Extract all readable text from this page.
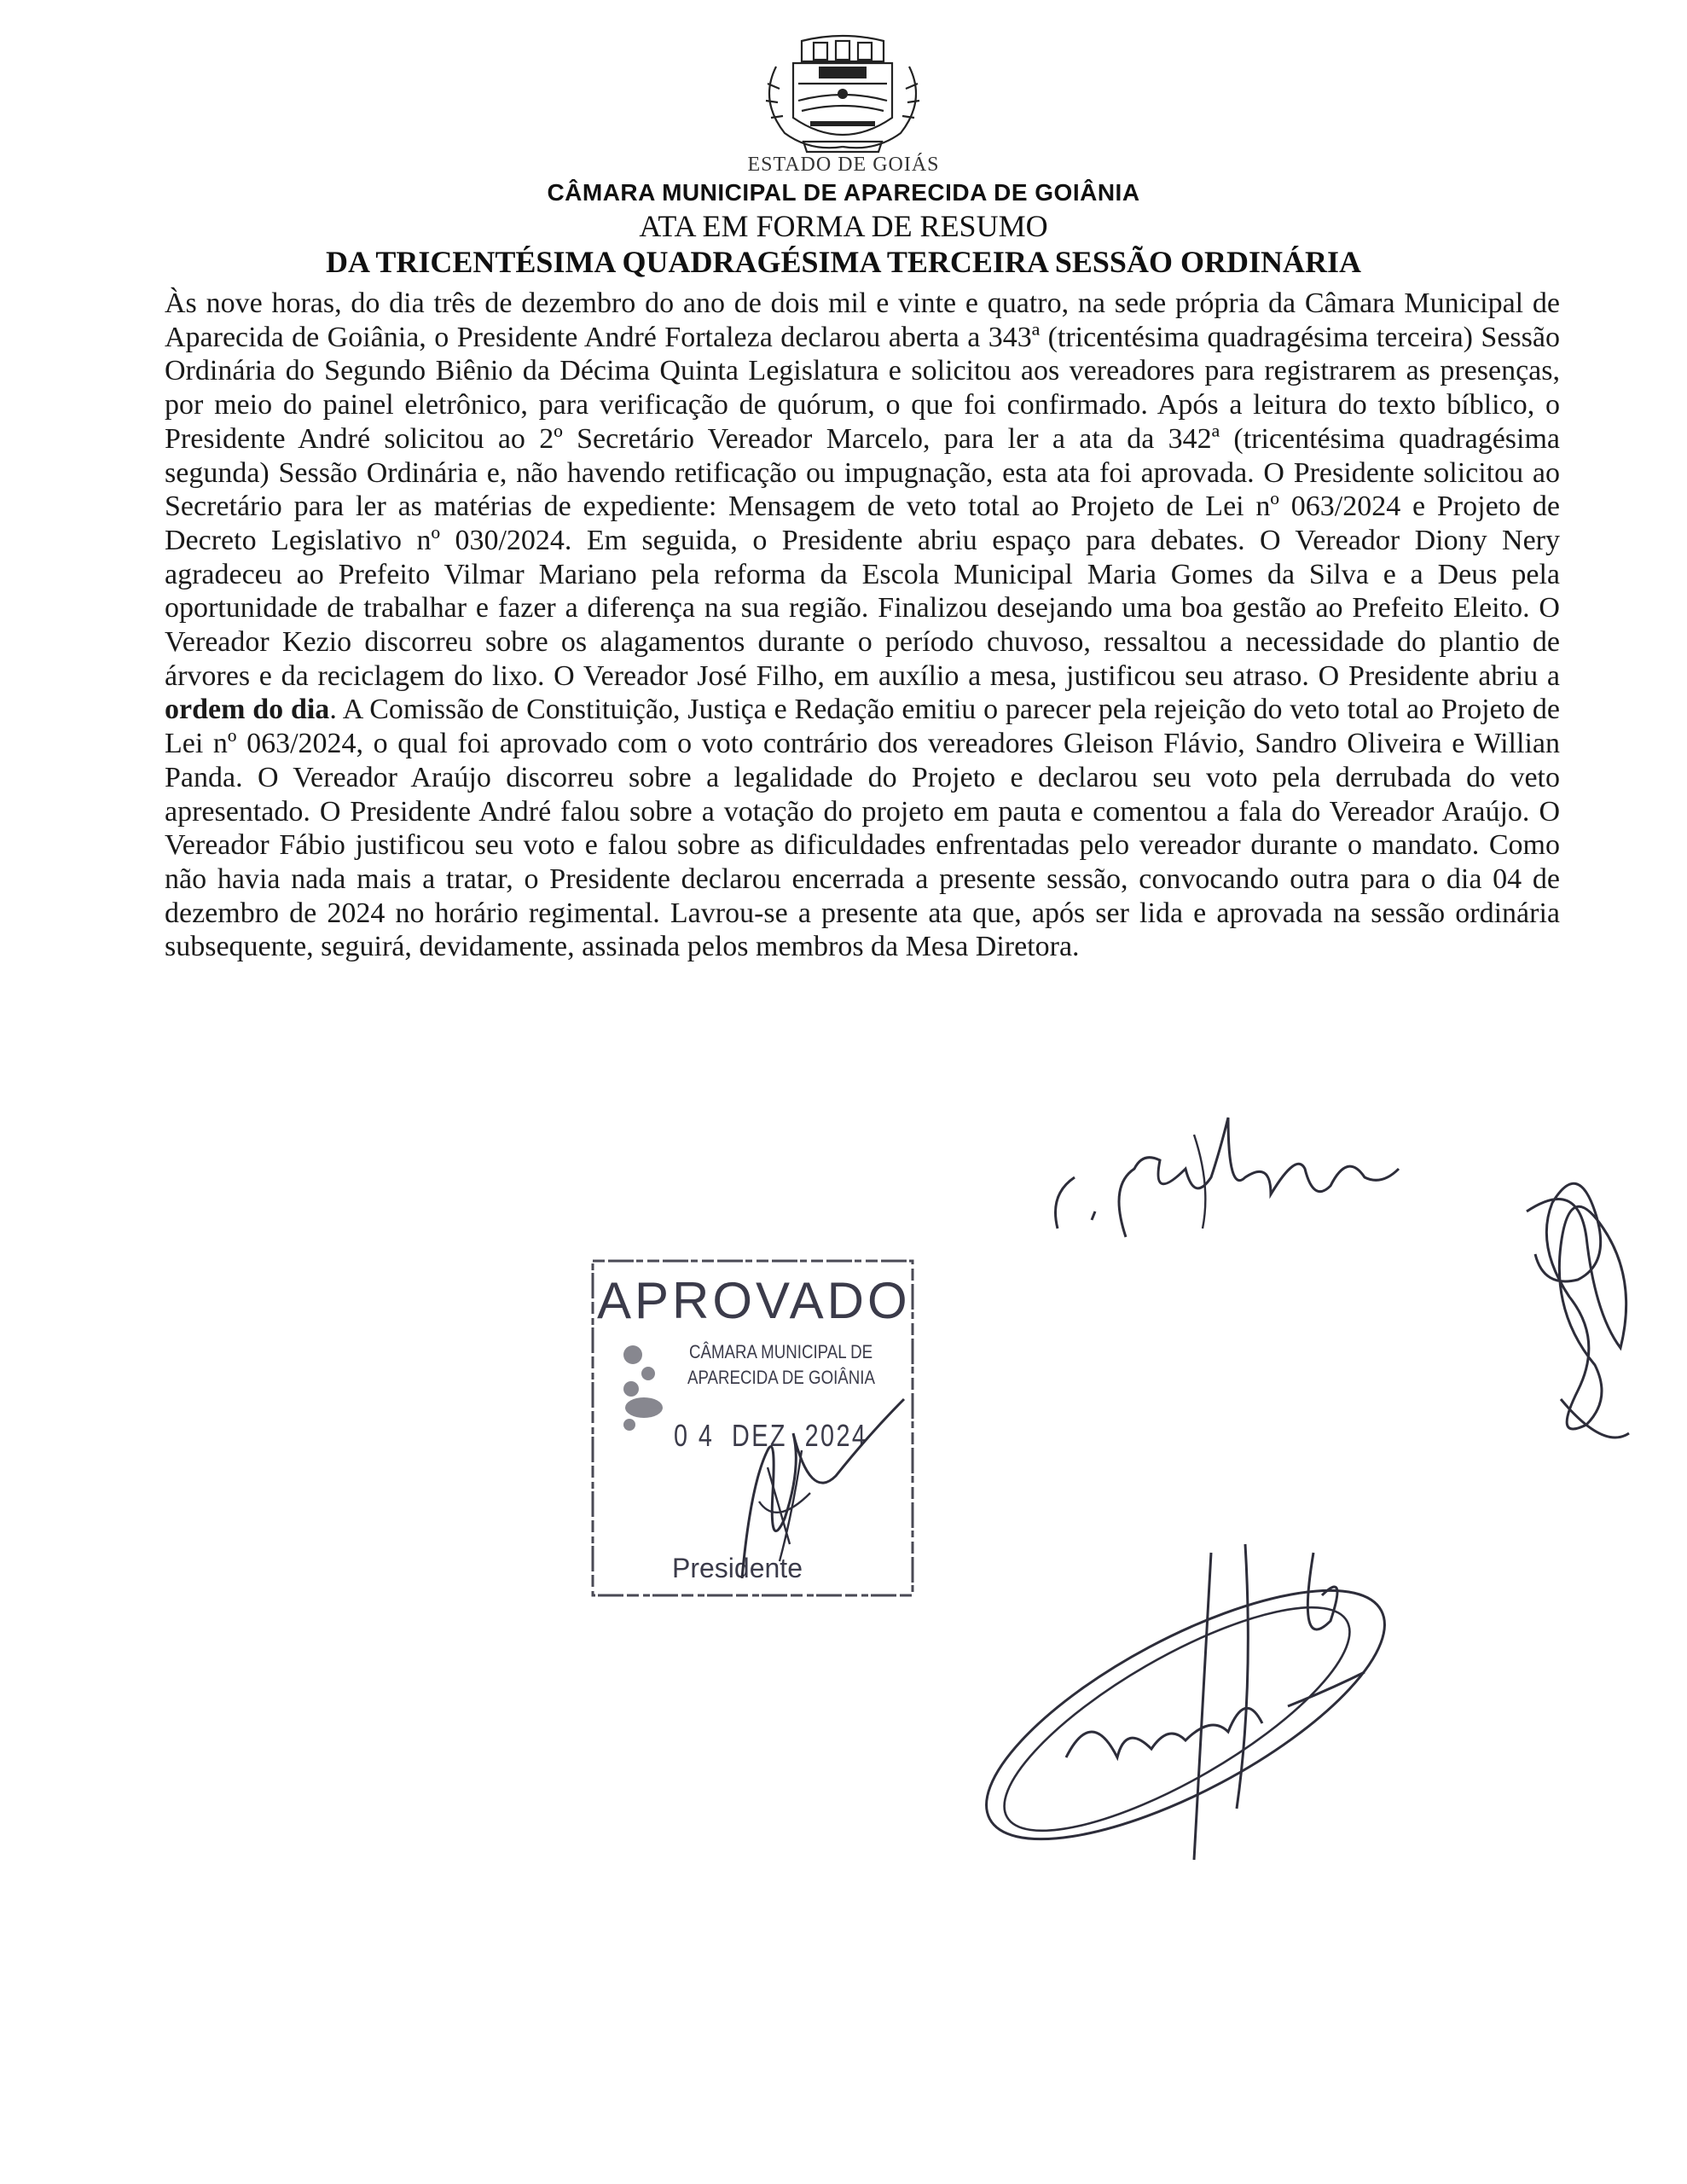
ESTADO DE GOIÁS
CÂMARA MUNICIPAL DE APARECIDA DE GOIÂNIA
ATA EM FORMA DE RESUMO
DA TRICENTÉSIMA QUADRAGÉSIMA TERCEIRA SESSÃO ORDINÁRIA
Às nove horas, do dia três de dezembro do ano de dois mil e vinte e quatro, na sede própria da Câmara Municipal de Aparecida de Goiânia, o Presidente André Fortaleza declarou aberta a 343ª (tricentésima quadragésima terceira) Sessão Ordinária do Segundo Biênio da Décima Quinta Legislatura e solicitou aos vereadores para registrarem as presenças, por meio do painel eletrônico, para verificação de quórum, o que foi confirmado. Após a leitura do texto bíblico, o Presidente André solicitou ao 2º Secretário Vereador Marcelo, para ler a ata da 342ª (tricentésima quadragésima segunda) Sessão Ordinária e, não havendo retificação ou impugnação, esta ata foi aprovada. O Presidente solicitou ao Secretário para ler as matérias de expediente: Mensagem de veto total ao Projeto de Lei nº 063/2024 e Projeto de Decreto Legislativo nº 030/2024. Em seguida, o Presidente abriu espaço para debates. O Vereador Diony Nery agradeceu ao Prefeito Vilmar Mariano pela reforma da Escola Municipal Maria Gomes da Silva e a Deus pela oportunidade de trabalhar e fazer a diferença na sua região. Finalizou desejando uma boa gestão ao Prefeito Eleito. O Vereador Kezio discorreu sobre os alagamentos durante o período chuvoso, ressaltou a necessidade do plantio de árvores e da reciclagem do lixo. O Vereador José Filho, em auxílio a mesa, justificou seu atraso. O Presidente abriu a ordem do dia. A Comissão de Constituição, Justiça e Redação emitiu o parecer pela rejeição do veto total ao Projeto de Lei nº 063/2024, o qual foi aprovado com o voto contrário dos vereadores Gleison Flávio, Sandro Oliveira e Willian Panda. O Vereador Araújo discorreu sobre a legalidade do Projeto e declarou seu voto pela derrubada do veto apresentado. O Presidente André falou sobre a votação do projeto em pauta e comentou a fala do Vereador Araújo. O Vereador Fábio justificou seu voto e falou sobre as dificuldades enfrentadas pelo vereador durante o mandato. Como não havia nada mais a tratar, o Presidente declarou encerrada a presente sessão, convocando outra para o dia 04 de dezembro de 2024 no horário regimental. Lavrou-se a presente ata que, após ser lida e aprovada na sessão ordinária subsequente, seguirá, devidamente, assinada pelos membros da Mesa Diretora.
APROVADO
CÂMARA MUNICIPAL DE
APARECIDA DE GOIÂNIA
0 4  DEZ  2024
Presidente
